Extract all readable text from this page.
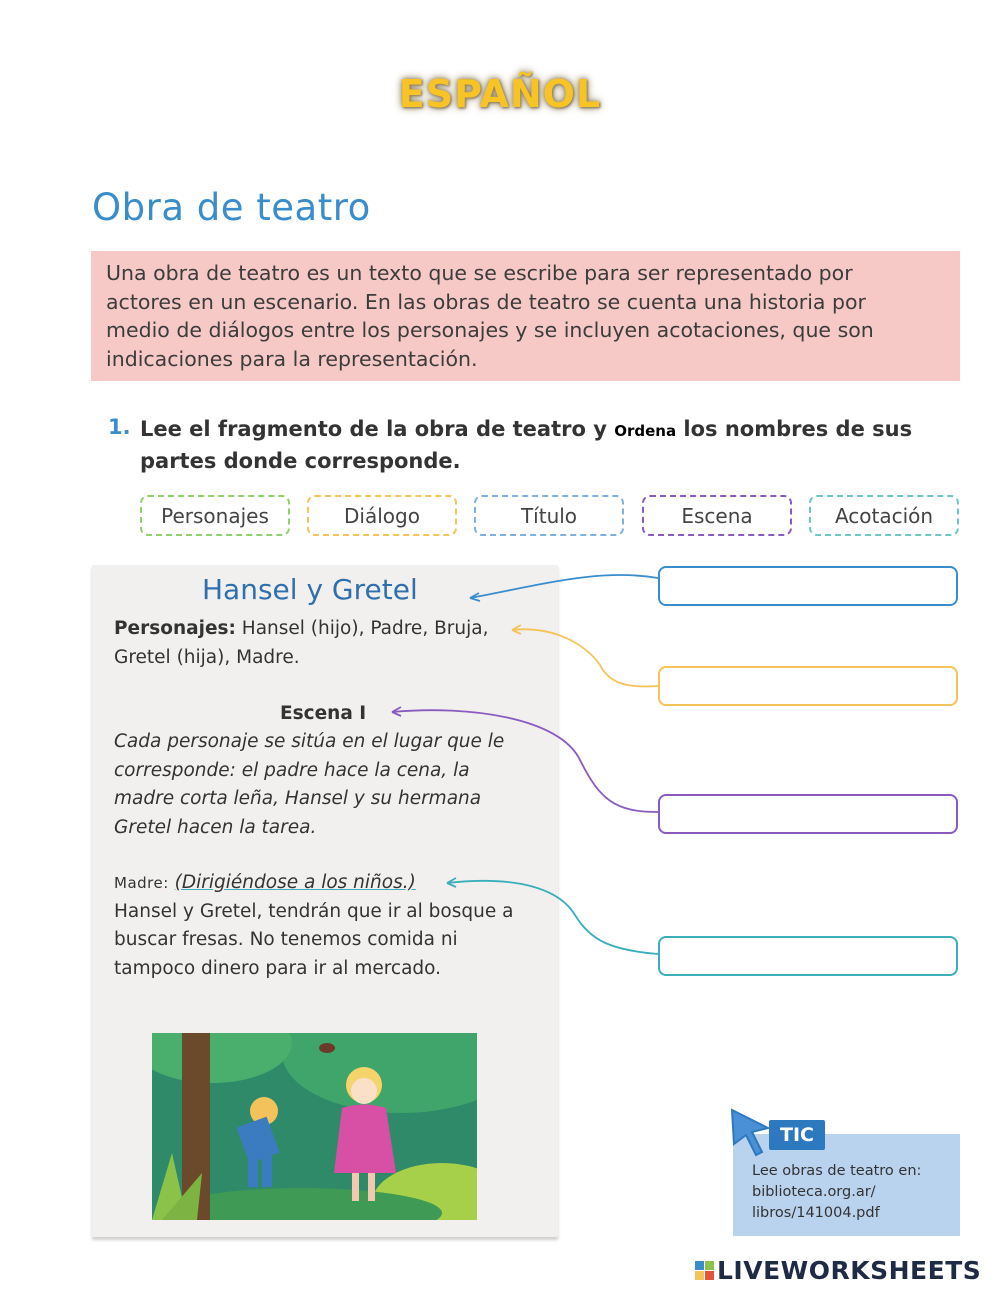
ESPAÑOL
Obra de teatro
Una obra de teatro es un texto que se escribe para ser representado por
actores en un escenario. En las obras de teatro se cuenta una historia por
medio de diálogos entre los personajes y se incluyen acotaciones, que son
indicaciones para la representación.
1. Lee el fragmento de la obra de teatro y Ordena los nombres de sus partes donde corresponde.
Personajes	Diálogo	Título	Escena	Acotación
Hansel y Gretel
Personajes: Hansel (hijo), Padre, Bruja, Gretel (hija), Madre.
Escena I
Cada personaje se sitúa en el lugar que le corresponde: el padre hace la cena, la madre corta leña, Hansel y su hermana Gretel hacen la tarea.
Madre: (Dirigiéndose a los niños.)
Hansel y Gretel, tendrán que ir al bosque a buscar fresas. No tenemos comida ni tampoco dinero para ir al mercado.
TIC
Lee obras de teatro en: biblioteca.org.ar/ libros/141004.pdf
LIVEWORKSHEETS
